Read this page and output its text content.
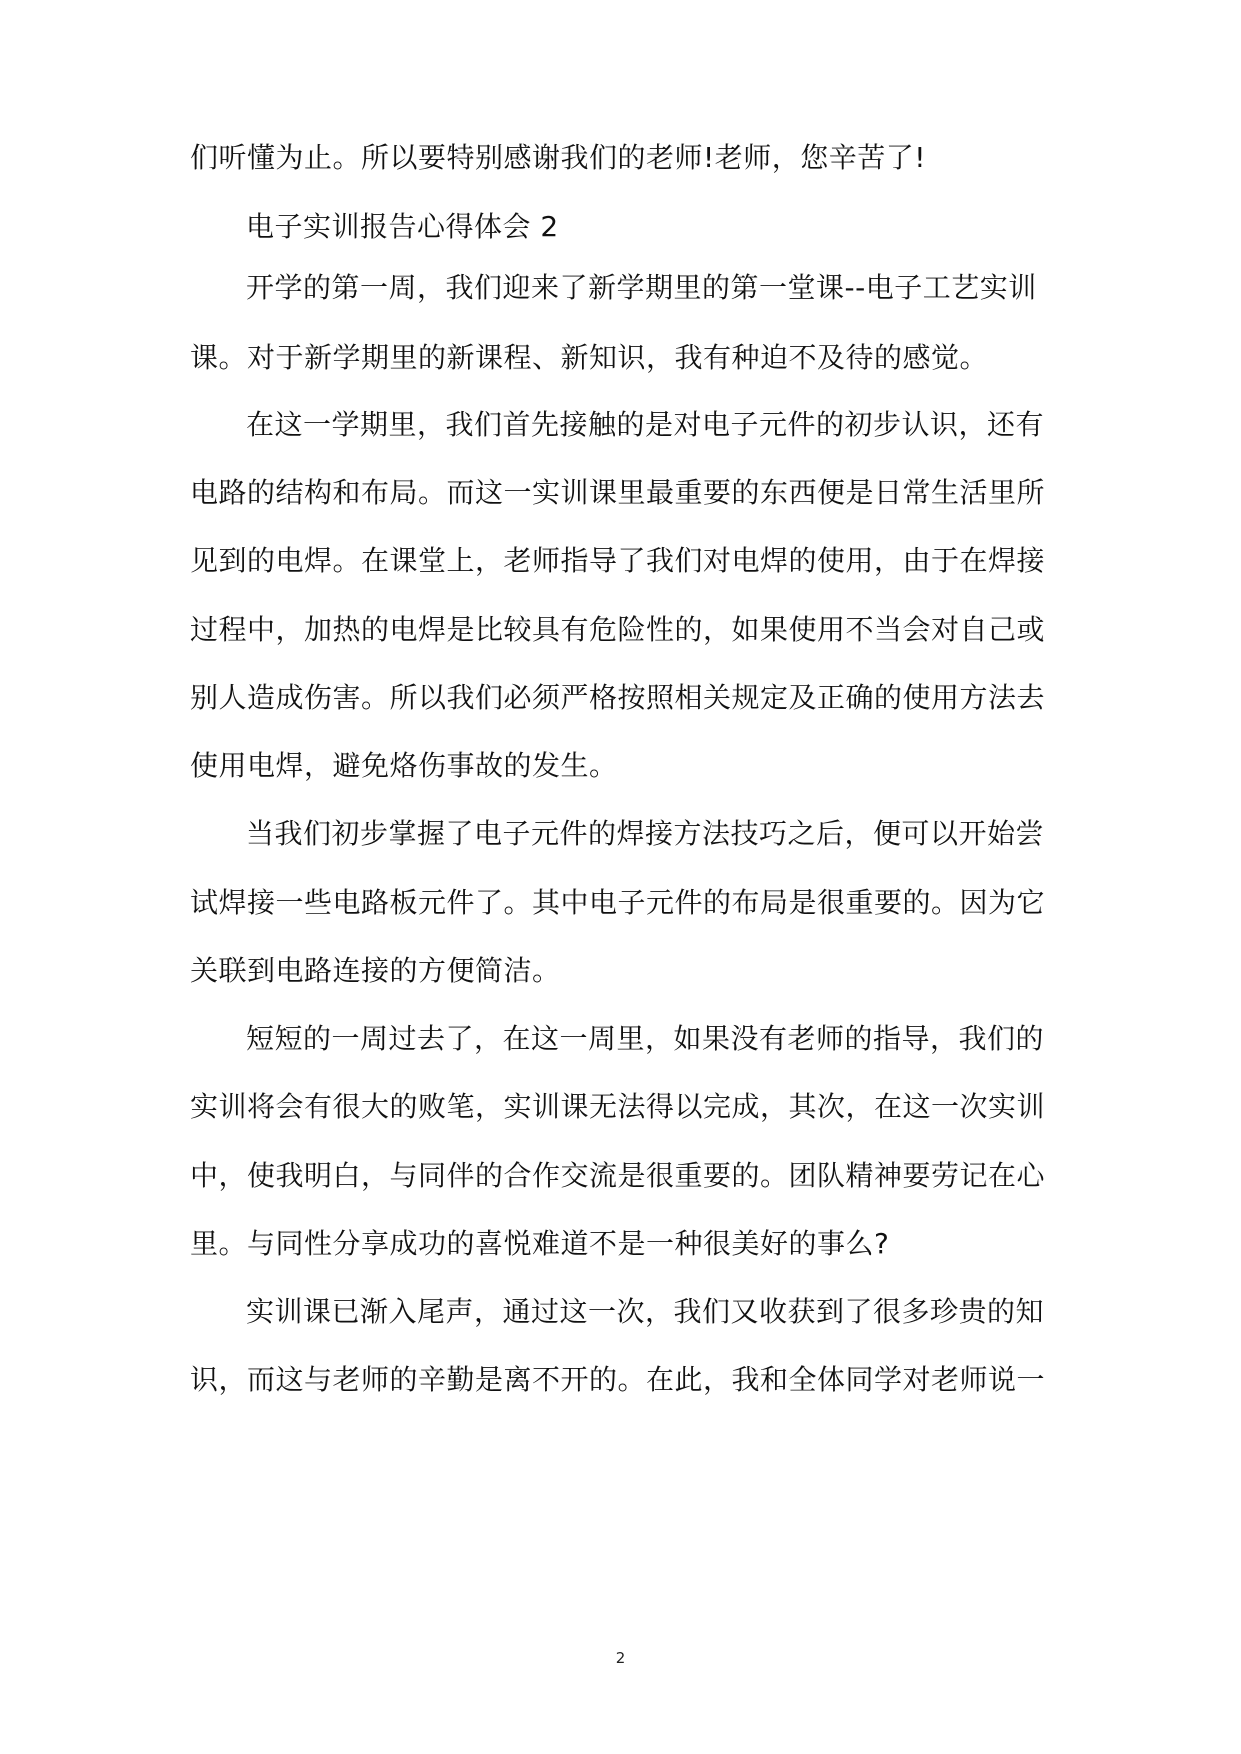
们听懂为止。所以要特别感谢我们的老师!老师，您辛苦了!
电子实训报告心得体会 2
开学的第一周，我们迎来了新学期里的第一堂课--电子工艺实训
课。对于新学期里的新课程、新知识，我有种迫不及待的感觉。
在这一学期里，我们首先接触的是对电子元件的初步认识，还有
电路的结构和布局。而这一实训课里最重要的东西便是日常生活里所
见到的电焊。在课堂上，老师指导了我们对电焊的使用，由于在焊接
过程中，加热的电焊是比较具有危险性的，如果使用不当会对自己或
别人造成伤害。所以我们必须严格按照相关规定及正确的使用方法去
使用电焊，避免烙伤事故的发生。
当我们初步掌握了电子元件的焊接方法技巧之后，便可以开始尝
试焊接一些电路板元件了。其中电子元件的布局是很重要的。因为它
关联到电路连接的方便简洁。
短短的一周过去了，在这一周里，如果没有老师的指导，我们的
实训将会有很大的败笔，实训课无法得以完成，其次，在这一次实训
中，使我明白，与同伴的合作交流是很重要的。团队精神要劳记在心
里。与同性分享成功的喜悦难道不是一种很美好的事么?
实训课已渐入尾声，通过这一次，我们又收获到了很多珍贵的知
识，而这与老师的辛勤是离不开的。在此，我和全体同学对老师说一
2
